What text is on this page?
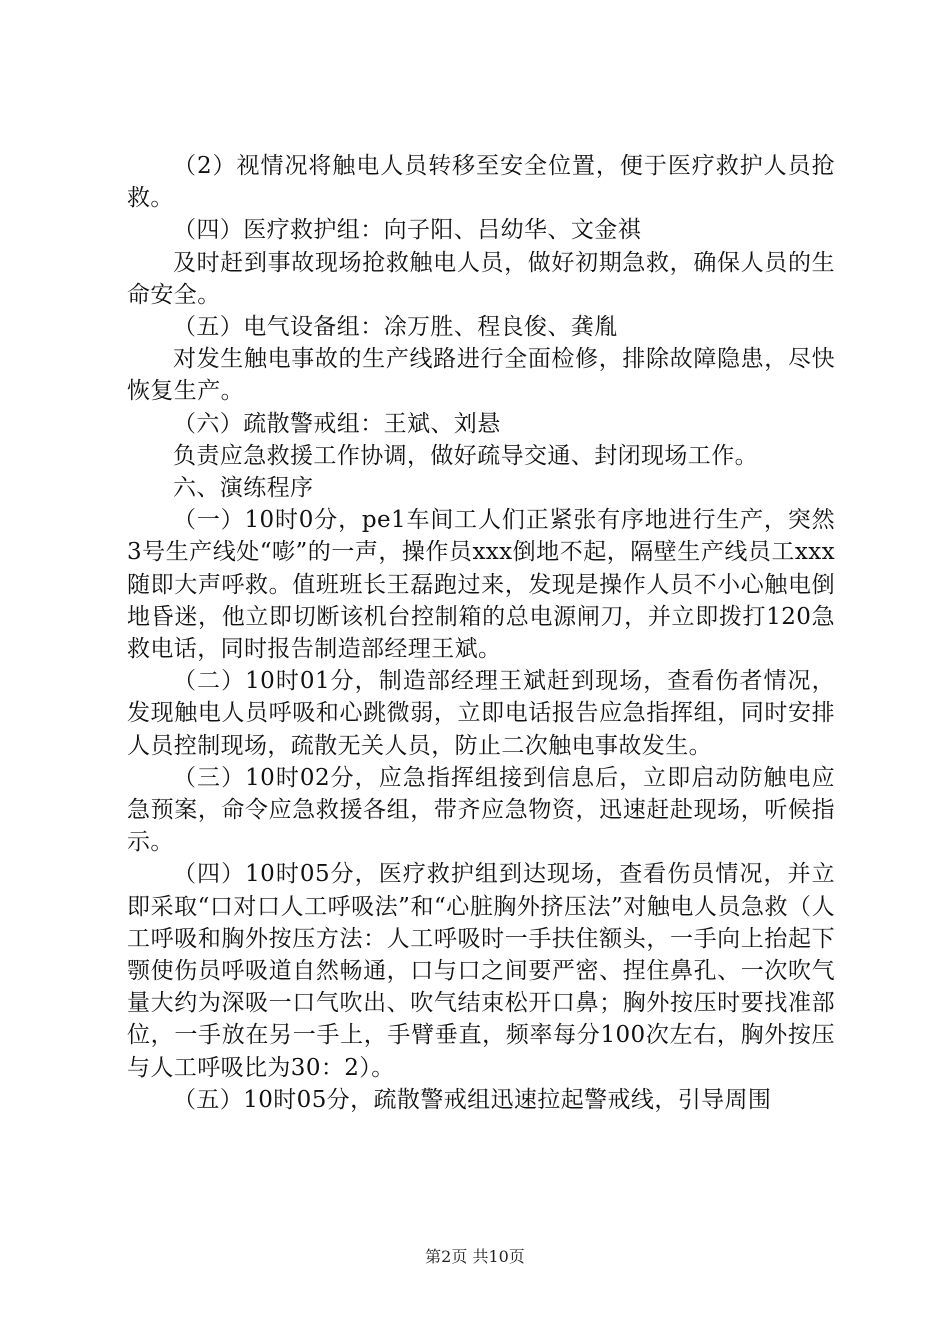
（2）视情况将触电人员转移至安全位置，便于医疗救护人员抢救。

（四）医疗救护组：向子阳、吕幼华、文金祺

及时赶到事故现场抢救触电人员，做好初期急救，确保人员的生命安全。

（五）电气设备组：凃万胜、程良俊、龚胤

对发生触电事故的生产线路进行全面检修，排除故障隐患，尽快恢复生产。

（六）疏散警戒组：王斌、刘悬

负责应急救援工作协调，做好疏导交通、封闭现场工作。

六、演练程序

（一）10时0分，pe1车间工人们正紧张有序地进行生产，突然3号生产线处“嘭”的一声，操作员xxx倒地不起，隔壁生产线员工xxx随即大声呼救。值班班长王磊跑过来，发现是操作人员不小心触电倒地昏迷，他立即切断该机台控制箱的总电源闸刀，并立即拨打120急救电话，同时报告制造部经理王斌。

（二）10时01分，制造部经理王斌赶到现场，查看伤者情况，发现触电人员呼吸和心跳微弱，立即电话报告应急指挥组，同时安排人员控制现场，疏散无关人员，防止二次触电事故发生。

（三）10时02分，应急指挥组接到信息后，立即启动防触电应急预案，命令应急救援各组，带齐应急物资，迅速赶赴现场，听候指示。

（四）10时05分，医疗救护组到达现场，查看伤员情况，并立即采取“口对口人工呼吸法”和“心脏胸外挤压法”对触电人员急救（人工呼吸和胸外按压方法：人工呼吸时一手扶住额头，一手向上抬起下颚使伤员呼吸道自然畅通，口与口之间要严密、捏住鼻孔、一次吹气量大约为深吸一口气吹出、吹气结束松开口鼻；胸外按压时要找准部位，一手放在另一手上，手臂垂直，频率每分100次左右，胸外按压与人工呼吸比为30：2）。

（五）10时05分，疏散警戒组迅速拉起警戒线，引导周围

第2页 共10页
